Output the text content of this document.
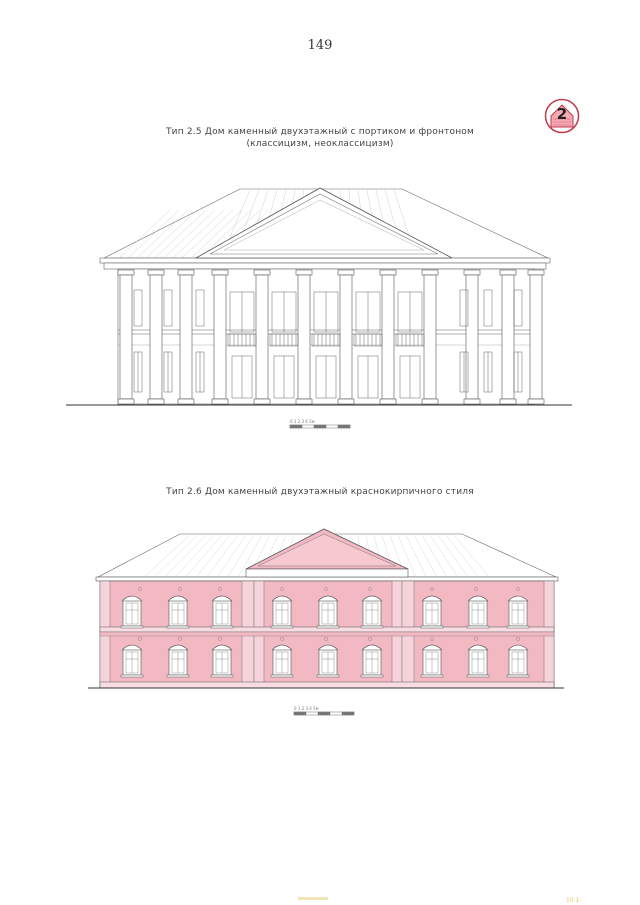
149
2
Тип 2.5 Дом каменный двухэтажный с портиком и фронтоном
(классицизм, неоклассицизм)
0 1 2 3 4 5м
Тип 2.6 Дом каменный двухэтажный краснокирпичного стиля
0 1 2 3 4 5м
10 1
